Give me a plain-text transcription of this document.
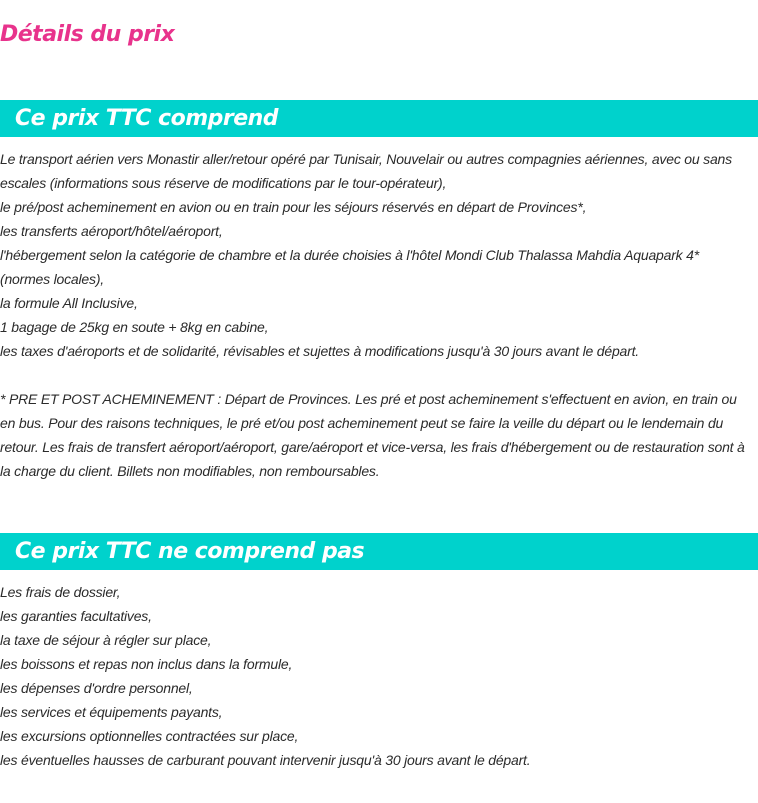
Détails du prix
Ce prix TTC comprend
Le transport aérien vers Monastir aller/retour opéré par Tunisair, Nouvelair ou autres compagnies aériennes, avec ou sans escales (informations sous réserve de modifications par le tour-opérateur),
le pré/post acheminement en avion ou en train pour les séjours réservés en départ de Provinces*,
les transferts aéroport/hôtel/aéroport,
l'hébergement selon la catégorie de chambre et la durée choisies à l'hôtel Mondi Club Thalassa Mahdia Aquapark 4* (normes locales),
la formule All Inclusive,
1 bagage de 25kg en soute + 8kg en cabine,
les taxes d'aéroports et de solidarité, révisables et sujettes à modifications jusqu'à 30 jours avant le départ.
* PRE ET POST ACHEMINEMENT : Départ de Provinces. Les pré et post acheminement s'effectuent en avion, en train ou en bus. Pour des raisons techniques, le pré et/ou post acheminement peut se faire la veille du départ ou le lendemain du retour. Les frais de transfert aéroport/aéroport, gare/aéroport et vice-versa, les frais d'hébergement ou de restauration sont à la charge du client. Billets non modifiables, non remboursables.
Ce prix TTC ne comprend pas
Les frais de dossier,
les garanties facultatives,
la taxe de séjour à régler sur place,
les boissons et repas non inclus dans la formule,
les dépenses d'ordre personnel,
les services et équipements payants,
les excursions optionnelles contractées sur place,
les éventuelles hausses de carburant pouvant intervenir jusqu'à 30 jours avant le départ.
